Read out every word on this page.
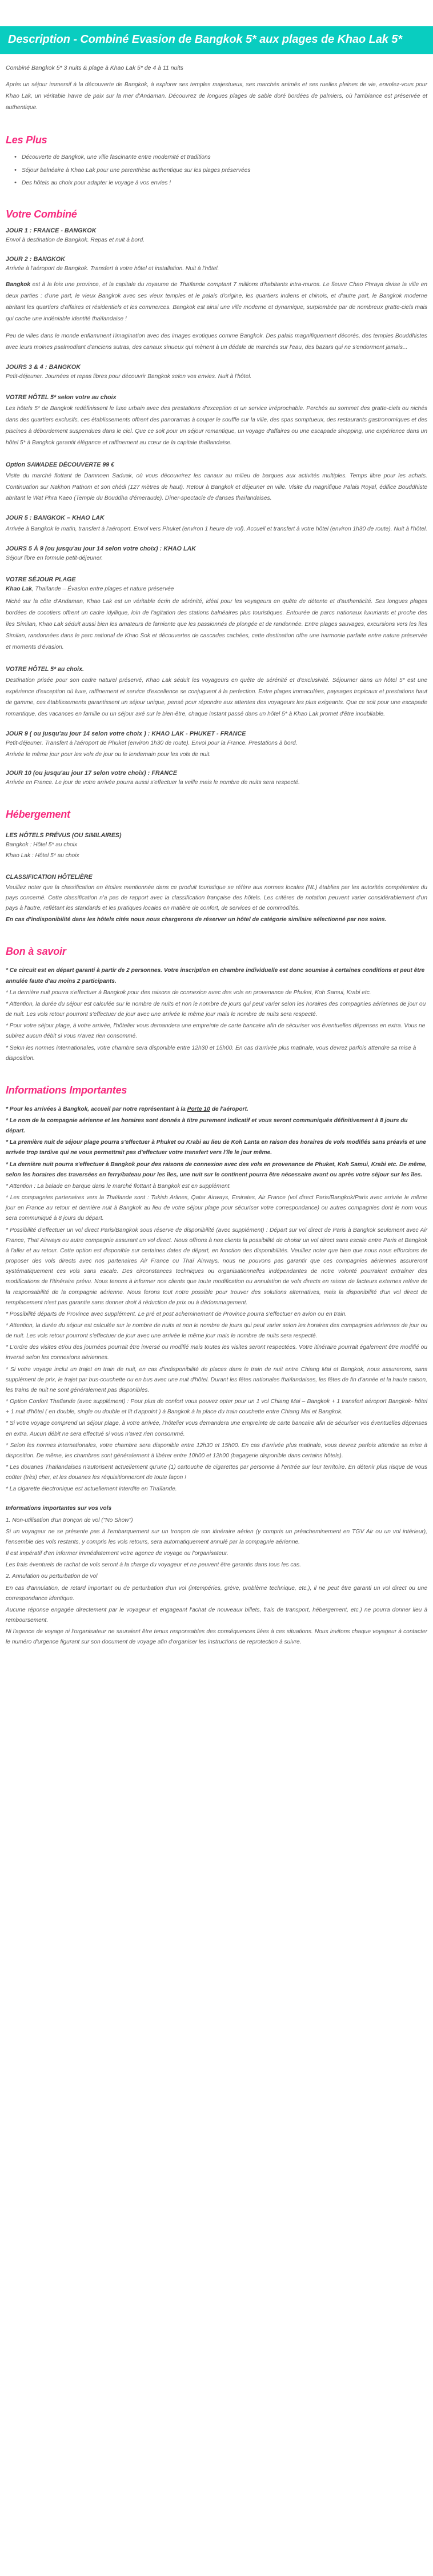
Description - Combiné Evasion de Bangkok 5* aux plages de Khao Lak 5*

Combiné Bangkok 5* 3 nuits & plage à Khao Lak 5* de 4 à 11 nuits

Après un séjour immersif à la découverte de Bangkok, à explorer ses temples majestueux, ses marchés animés et ses ruelles pleines de vie, envolez-vous pour Khao Lak, un véritable havre de paix sur la mer d'Andaman. Découvrez de longues plages de sable doré bordées de palmiers, où l'ambiance est préservée et authentique.

Les Plus
• Découverte de Bangkok, une ville fascinante entre modernité et traditions
• Séjour balnéaire à Khao Lak pour une parenthèse authentique sur les plages préservées
• Des hôtels au choix pour adapter le voyage à vos envies !
Votre Combiné
JOUR 1 : FRANCE - BANGKOK

Envol à destination de Bangkok. Repas et nuit à bord.

JOUR 2 : BANGKOK

Arrivée à l'aéroport de Bangkok. Transfert à votre hôtel et installation. Nuit à l'hôtel.

Bangkok est à la fois une province, et la capitale du royaume de Thaïlande comptant 7 millions d'habitants intra-muros. Le fleuve Chao Phraya divise la ville en deux parties : d'une part, le vieux Bangkok avec ses vieux temples et le palais d'origine, les quartiers indiens et chinois, et d'autre part, le Bangkok moderne abritant les quartiers d'affaires et résidentiels et les commerces. Bangkok est ainsi une ville moderne et dynamique, surplombée par de nombreux gratte-ciels mais qui cache une indéniable identité thaïlandaise !

Peu de villes dans le monde enflamment l'imagination avec des images exotiques comme Bangkok. Des palais magnifiquement décorés, des temples Bouddhistes avec leurs moines psalmodiant d'anciens sutras, des canaux sinueux qui mènent à un dédale de marchés sur l'eau, des bazars qui ne s'endorment jamais...

JOURS 3 & 4 : BANGKOK

Petit-déjeuner. Journées et repas libres pour découvrir Bangkok selon vos envies. Nuit à l'hôtel.

VOTRE HÔTEL 5* selon votre au choix

Les hôtels 5* de Bangkok redéfinissent le luxe urbain avec des prestations d'exception et un service irréprochable. Perchés au sommet des gratte-ciels ou nichés dans des quartiers exclusifs, ces établissements offrent des panoramas à couper le souffle sur la ville, des spas somptueux, des restaurants gastronomiques et des piscines à débordement suspendues dans le ciel. Que ce soit pour un séjour romantique, un voyage d'affaires ou une escapade shopping, une expérience dans un hôtel 5* à Bangkok garantit élégance et raffinement au cœur de la capitale thaïlandaise.

Option SAWADEE DÉCOUVERTE 99 €

Visite du marché flottant de Damnoen Saduak, où vous découvrirez les canaux au milieu de barques aux activités multiples. Temps libre pour les achats. Continuation sur Nakhon Pathom et son chédi (127 mètres de haut). Retour à Bangkok et déjeuner en ville. Visite du magnifique Palais Royal, édifice Bouddhiste abritant le Wat Phra Kaeo (Temple du Bouddha d'émeraude). Dîner-spectacle de danses thaïlandaises.

JOUR 5 : BANGKOK – KHAO LAK

Arrivée à Bangkok le matin, transfert à l'aéroport. Envol vers Phuket (environ 1 heure de vol). Accueil et transfert à votre hôtel (environ 1h30 de route). Nuit à l'hôtel.

JOURS 5 À 9 (ou jusqu'au jour 14 selon votre choix) : KHAO LAK

Séjour libre en formule petit-déjeuner.

VOTRE SÉJOUR PLAGE

Khao Lak, Thaïlande – Évasion entre plages et nature préservée

Niché sur la côte d'Andaman, Khao Lak est un véritable écrin de sérénité, idéal pour les voyageurs en quête de détente et d'authenticité. Ses longues plages bordées de cocotiers offrent un cadre idyllique, loin de l'agitation des stations balnéaires plus touristiques. Entourée de parcs nationaux luxuriants et proche des îles Similan, Khao Lak séduit aussi bien les amateurs de farniente que les passionnés de plongée et de randonnée. Entre plages sauvages, excursions vers les îles Similan, randonnées dans le parc national de Khao Sok et découvertes de cascades cachées, cette destination offre une harmonie parfaite entre nature préservée et moments d'évasion.

VOTRE HÔTEL 5* au choix.

Destination prisée pour son cadre naturel préservé, Khao Lak séduit les voyageurs en quête de sérénité et d'exclusivité. Séjourner dans un hôtel 5* est une expérience d'exception où luxe, raffinement et service d'excellence se conjuguent à la perfection. Entre plages immaculées, paysages tropicaux et prestations haut de gamme, ces établissements garantissent un séjour unique, pensé pour répondre aux attentes des voyageurs les plus exigeants. Que ce soit pour une escapade romantique, des vacances en famille ou un séjour axé sur le bien-être, chaque instant passé dans un hôtel 5* à Khao Lak promet d'être inoubliable.

JOUR 9 ( ou jusqu'au jour 14 selon votre choix ) : KHAO LAK - PHUKET - FRANCE

Petit-déjeuner. Transfert à l'aéroport de Phuket (environ 1h30 de route). Envol pour la France. Prestations à bord.

Arrivée le même jour pour les vols de jour ou le lendemain pour les vols de nuit.

JOUR 10 (ou jusqu'au jour 17 selon votre choix) : FRANCE

Arrivée en France. Le jour de votre arrivée pourra aussi s'effectuer la veille mais le nombre de nuits sera respecté.

Hébergement
LES HÔTELS PRÉVUS (OU SIMILAIRES)

Bangkok : Hôtel 5* au choix

Khao Lak : Hôtel 5* au choix

CLASSIFICATION HÔTELIÈRE

Veuillez noter que la classification en étoiles mentionnée dans ce produit touristique se réfère aux normes locales (NL) établies par les autorités compétentes du pays concerné. Cette classification n'a pas de rapport avec la classification française des hôtels. Les critères de notation peuvent varier considérablement d'un pays à l'autre, reflétant les standards et les pratiques locales en matière de confort, de services et de commodités.

En cas d'indisponibilité dans les hôtels cités nous nous chargerons de réserver un hôtel de catégorie similaire sélectionné par nos soins.

Bon à savoir

* Ce circuit est en départ garanti à partir de 2 personnes. Votre inscription en chambre individuelle est donc soumise à certaines conditions et peut être annulée faute d'au moins 2 participants.

* La dernière nuit pourra s'effectuer à Bangkok pour des raisons de connexion avec des vols en provenance de Phuket, Koh Samui, Krabi etc.

* Attention, la durée du séjour est calculée sur le nombre de nuits et non le nombre de jours qui peut varier selon les horaires des compagnies aériennes de jour ou de nuit. Les vols retour pourront s'effectuer de jour avec une arrivée le même jour mais le nombre de nuits sera respecté.

* Pour votre séjour plage, à votre arrivée, l'hôtelier vous demandera une empreinte de carte bancaire afin de sécuriser vos éventuelles dépenses en extra. Vous ne subirez aucun débit si vous n'avez rien consommé.

* Selon les normes internationales, votre chambre sera disponible entre 12h30 et 15h00. En cas d'arrivée plus matinale, vous devrez parfois attendre sa mise à disposition.

Informations Importantes

* Pour les arrivées à Bangkok, accueil par notre représentant à la Porte 10 de l'aéroport.

* Le nom de la compagnie aérienne et les horaires sont donnés à titre purement indicatif et vous seront communiqués définitivement à 8 jours du départ.

* La première nuit de séjour plage pourra s'effectuer à Phuket ou Krabi au lieu de Koh Lanta en raison des horaires de vols modifiés sans préavis et une arrivée trop tardive qui ne vous permettrait pas d'effectuer votre transfert vers l'île le jour même.

* La dernière nuit pourra s'effectuer à Bangkok pour des raisons de connexion avec des vols en provenance de Phuket, Koh Samui, Krabi etc. De même, selon les horaires des traversées en ferry/bateau pour les îles, une nuit sur le continent pourra être nécessaire avant ou après votre séjour sur les îles.

* Attention : La balade en barque dans le marché flottant à Bangkok est en supplément.

* Les compagnies partenaires vers la Thaïlande sont : Tukish Arlines, Qatar Airways, Emirates, Air France (vol direct Paris/Bangkok/Paris avec arrivée le même jour en France au retour et dernière nuit à Bangkok au lieu de votre séjour plage pour sécuriser votre correspondance) ou autres compagnies dont le nom vous sera communiqué à 8 jours du départ.

* Possibilité d'effectuer un vol direct Paris/Bangkok sous réserve de disponibilité (avec supplément) : Départ sur vol direct de Paris à Bangkok seulement avec Air France, Thaï Airways ou autre compagnie assurant un vol direct. Nous offrons à nos clients la possibilité de choisir un vol direct sans escale entre Paris et Bangkok à l'aller et au retour. Cette option est disponible sur certaines dates de départ, en fonction des disponibilités. Veuillez noter que bien que nous nous efforcions de proposer des vols directs avec nos partenaires Air France ou Thaï Airways, nous ne pouvons pas garantir que ces compagnies aériennes assureront systématiquement ces vols sans escale. Des circonstances techniques ou organisationnelles indépendantes de notre volonté pourraient entraîner des modifications de l'itinéraire prévu. Nous tenons à informer nos clients que toute modification ou annulation de vols directs en raison de facteurs externes relève de la responsabilité de la compagnie aérienne. Nous ferons tout notre possible pour trouver des solutions alternatives, mais la disponibilité d'un vol direct de remplacement n'est pas garantie sans donner droit à réduction de prix ou à dédommagement.

* Possibilité départs de Province avec supplément. Le pré et post acheminement de Province pourra s'effectuer en avion ou en train.

* Attention, la durée du séjour est calculée sur le nombre de nuits et non le nombre de jours qui peut varier selon les horaires des compagnies aériennes de jour ou de nuit. Les vols retour pourront s'effectuer de jour avec une arrivée le même jour mais le nombre de nuits sera respecté.

* L'ordre des visites et/ou des journées pourrait être inversé ou modifié mais toutes les visites seront respectées. Votre itinéraire pourrait également être modifié ou inversé selon les connexions aériennes.

* Si votre voyage inclut un trajet en train de nuit, en cas d'indisponibilité de places dans le train de nuit entre Chiang Mai et Bangkok, nous assurerons, sans supplément de prix, le trajet par bus-couchette ou en bus avec une nuit d'hôtel. Durant les fêtes nationales thaïlandaises, les fêtes de fin d'année et la haute saison, les trains de nuit ne sont généralement pas disponibles.

* Option Confort Thaïlande (avec supplément) : Pour plus de confort vous pouvez opter pour un 1 vol Chiang Mai – Bangkok + 1 transfert aéroport Bangkok- hôtel + 1 nuit d'hôtel ( en double, single ou double et lit d'appoint ) à Bangkok à la place du train couchette entre Chiang Mai et Bangkok.

* Si votre voyage comprend un séjour plage, à votre arrivée, l'hôtelier vous demandera une empreinte de carte bancaire afin de sécuriser vos éventuelles dépenses en extra. Aucun débit ne sera effectué si vous n'avez rien consommé.

* Selon les normes internationales, votre chambre sera disponible entre 12h30 et 15h00. En cas d'arrivée plus matinale, vous devrez parfois attendre sa mise à disposition. De même, les chambres sont généralement à libérer entre 10h00 et 12h00 (bagagerie disponible dans certains hôtels).

* Les douanes Thaïlandaises n'autorisent actuellement qu'une (1) cartouche de cigarettes par personne à l'entrée sur leur territoire. En détenir plus risque de vous coûter (très) cher, et les douanes les réquisitionneront de toute façon !

* La cigarette électronique est actuellement interdite en Thaïlande.

Informations importantes sur vos vols

1. Non-utilisation d'un tronçon de vol ("No Show")

Si un voyageur ne se présente pas à l'embarquement sur un tronçon de son itinéraire aérien (y compris un préacheminement en TGV Air ou un vol intérieur), l'ensemble des vols restants, y compris les vols retours, sera automatiquement annulé par la compagnie aérienne.

Il est impératif d'en informer immédiatement votre agence de voyage ou l'organisateur.

Les frais éventuels de rachat de vols seront à la charge du voyageur et ne peuvent être garantis dans tous les cas.

2. Annulation ou perturbation de vol

En cas d'annulation, de retard important ou de perturbation d'un vol (intempéries, grève, problème technique, etc.), il ne peut être garanti un vol direct ou une correspondance identique.

Aucune réponse engagée directement par le voyageur et engageant l'achat de nouveaux billets, frais de transport, hébergement, etc.) ne pourra donner lieu à remboursement.

Ni l'agence de voyage ni l'organisateur ne sauraient être tenus responsables des conséquences liées à ces situations. Nous invitons chaque voyageur à contacter le numéro d'urgence figurant sur son document de voyage afin d'organiser les instructions de reprotection à suivre.
